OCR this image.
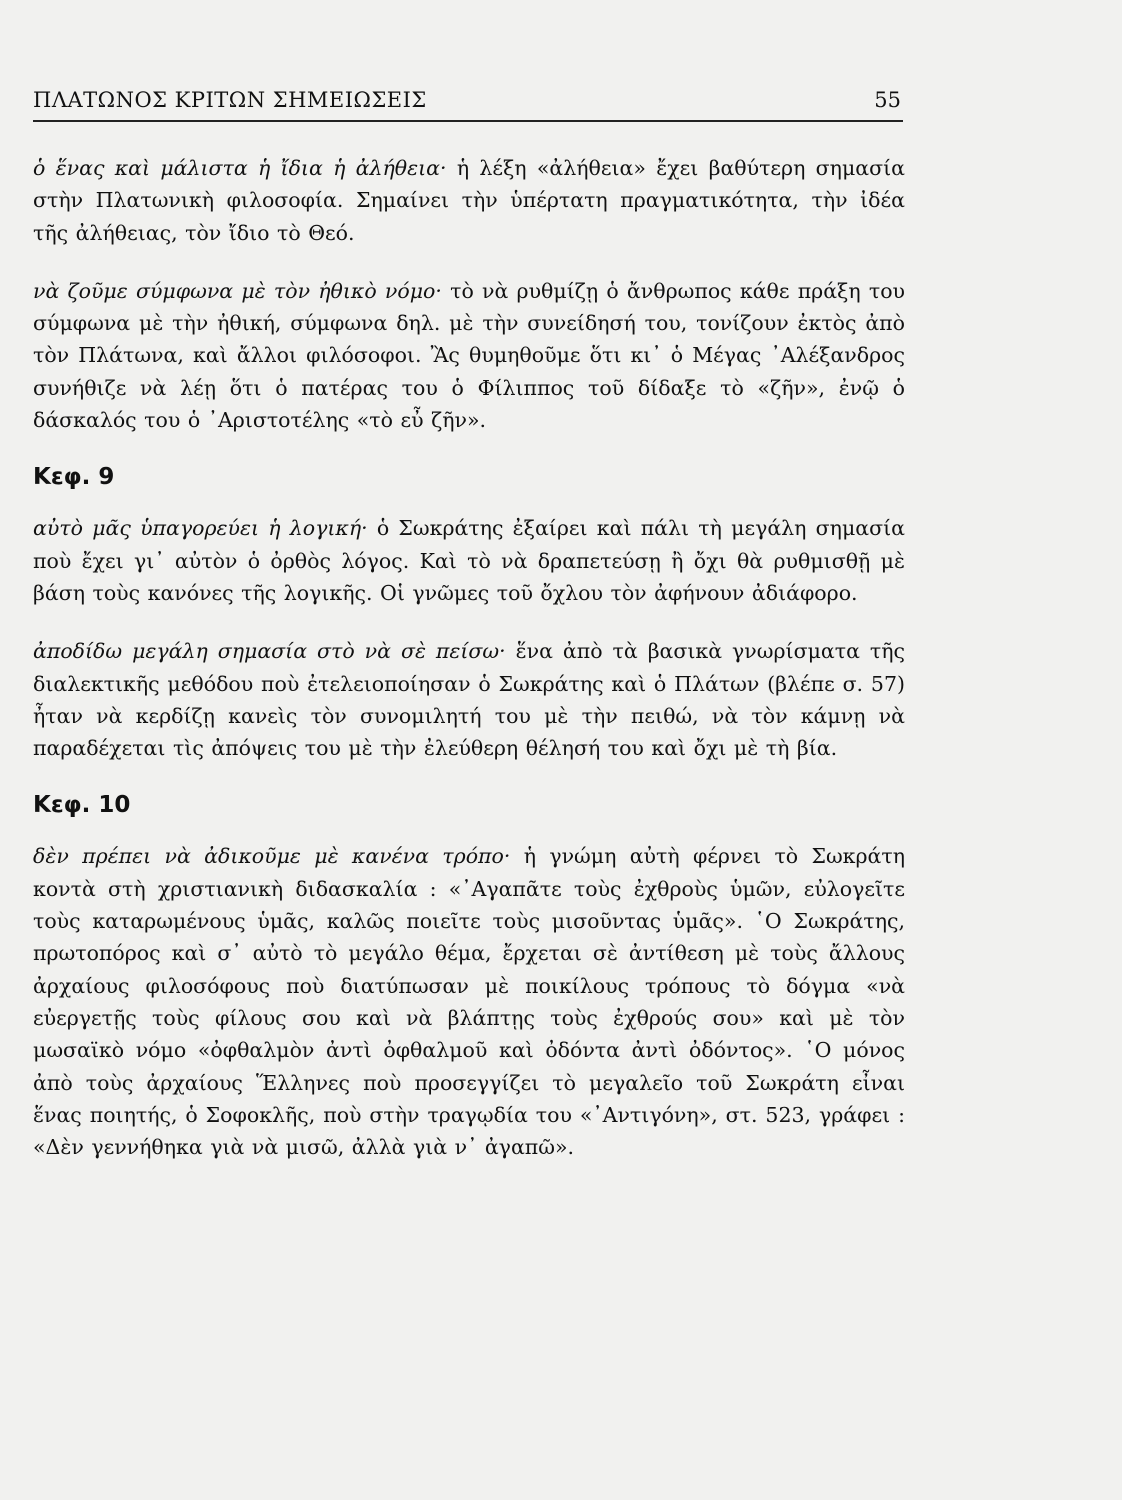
ΠΛΑΤΩΝΟΣ ΚΡΙΤΩΝ ΣΗΜΕΙΩΣΕΙΣ	55

ὁ ἕνας καὶ μάλιστα ἡ ἴδια ἡ ἀλήθεια· ἡ λέξη «ἀλήθεια» ἔχει βαθύτερη σημασία στὴν Πλατωνικὴ φιλοσοφία. Σημαίνει τὴν ὑπέρτατη πραγματικότητα, τὴν ἰδέα τῆς ἀλήθειας, τὸν ἴδιο τὸ Θεό.

νὰ ζοῦμε σύμφωνα μὲ τὸν ἠθικὸ νόμο· τὸ νὰ ρυθμίζῃ ὁ ἄνθρωπος κάθε πράξη του σύμφωνα μὲ τὴν ἠθική, σύμφωνα δηλ. μὲ τὴν συνείδησή του, τονίζουν ἐκτὸς ἀπὸ τὸν Πλάτωνα, καὶ ἄλλοι φιλόσοφοι. Ἂς θυμηθοῦμε ὅτι κι᾽ ὁ Μέγας ᾿Αλέξανδρος συνήθιζε νὰ λέῃ ὅτι ὁ πατέρας του ὁ Φίλιππος τοῦ δίδαξε τὸ «ζῆν», ἐνῷ ὁ δάσκαλός του ὁ ᾿Αριστοτέλης «τὸ εὖ ζῆν».

Κεφ. 9

αὐτὸ μᾶς ὑπαγορεύει ἡ λογική· ὁ Σωκράτης ἐξαίρει καὶ πάλι τὴ μεγάλη σημασία ποὺ ἔχει γι᾽ αὐτὸν ὁ ὀρθὸς λόγος. Καὶ τὸ νὰ δραπετεύσῃ ἢ ὄχι θὰ ρυθμισθῇ μὲ βάση τοὺς κανόνες τῆς λογικῆς. Οἱ γνῶμες τοῦ ὄχλου τὸν ἀφήνουν ἀδιάφορο.

ἀποδίδω μεγάλη σημασία στὸ νὰ σὲ πείσω· ἕνα ἀπὸ τὰ βασικὰ γνωρίσματα τῆς διαλεκτικῆς μεθόδου ποὺ ἐτελειοποίησαν ὁ Σωκράτης καὶ ὁ Πλάτων (βλέπε σ. 57) ἦταν νὰ κερδίζῃ κανεὶς τὸν συνομιλητή του μὲ τὴν πειθώ, νὰ τὸν κάμνῃ νὰ παραδέχεται τὶς ἀπόψεις του μὲ τὴν ἐλεύθερη θέλησή του καὶ ὄχι μὲ τὴ βία.

Κεφ. 10

δὲν πρέπει νὰ ἀδικοῦμε μὲ κανένα τρόπο· ἡ γνώμη αὐτὴ φέρνει τὸ Σωκράτη κοντὰ στὴ χριστιανικὴ διδασκαλία : «᾿Αγαπᾶτε τοὺς ἐχθροὺς ὑμῶν, εὐλογεῖτε τοὺς καταρωμένους ὑμᾶς, καλῶς ποιεῖτε τοὺς μισοῦντας ὑμᾶς». ῾Ο Σωκράτης, πρωτοπόρος καὶ σ᾽ αὐτὸ τὸ μεγάλο θέμα, ἔρχεται σὲ ἀντίθεση μὲ τοὺς ἄλλους ἀρχαίους φιλοσόφους ποὺ διατύπωσαν μὲ ποικίλους τρόπους τὸ δόγμα «νὰ εὐεργετῇς τοὺς φίλους σου καὶ νὰ βλάπτῃς τοὺς ἐχθρούς σου» καὶ μὲ τὸν μωσαϊκὸ νόμο «ὀφθαλμὸν ἀντὶ ὀφθαλμοῦ καὶ ὀδόντα ἀντὶ ὀδόντος». ῾Ο μόνος ἀπὸ τοὺς ἀρχαίους Ἕλληνες ποὺ προσεγγίζει τὸ μεγαλεῖο τοῦ Σωκράτη εἶναι ἕνας ποιητής, ὁ Σοφοκλῆς, ποὺ στὴν τραγῳδία του «᾿Αντιγόνη», στ. 523, γράφει : «Δὲν γεννήθηκα γιὰ νὰ μισῶ, ἀλλὰ γιὰ ν᾽ ἀγαπῶ».
